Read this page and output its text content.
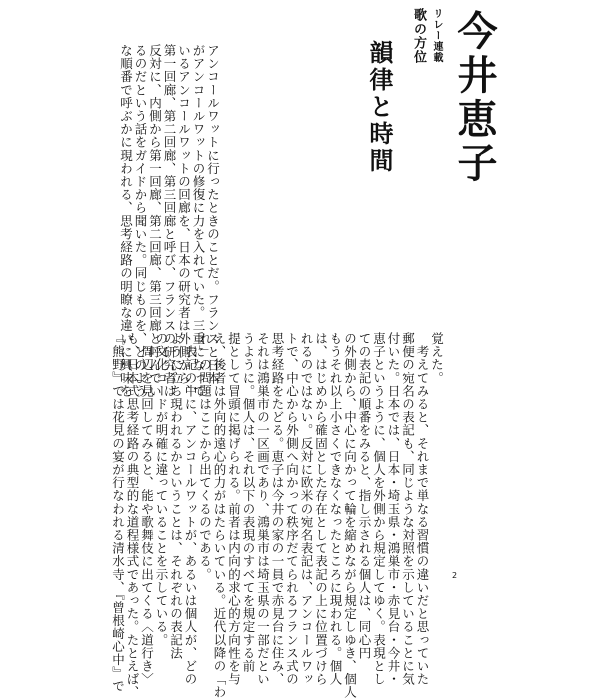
リレー連載
歌の方位 今井恵子
韻律と時間
アンコールワットに行ったときのことだ。フランスと日本
がアンコールワットの修復に力を入れていた。三重になって
いるアンコールワットの回廊を、日本の研究者は外側から、
第一回廊、第二回廊、第三回廊と呼び、フランスの研究者は
反対に、内側から第一回廊、第二回廊、第三回廊と呼んでい
るのだという話をガイドから聞いた。同じものを、どのよう
な順番で呼ぶかに現われる、思考経路の明瞭な違いに興味を	覚えた。
　考えてみると、それまで単なる習慣の違いだと思っていた
郵便の宛名の表記も、同じような対照を示していることに気
付いた。日本では、日本・埼玉県・鴻巣市・赤見台・今井・
恵子というように、個人を外側から規定してゆく。表現とし
ての表記の順番をみると、指し示される個人は、同心円
の外側から、中心に向かって輪を縮めながら規定しゆき、個人
もうそれ以上小さくできなくなったところに現われる。個人
は、はじめから確固とした存在として表記の上に位置づけら
れるのではない。反対に欧米の宛名表記は、アンコールワッ
トで、中心から外側へ向かって秩序だてられるフランス式の
思考経路をたどる。恵子は今井の家の一員で赤見台に住み、
それは鴻巣市の一区画であり、鴻巣市は埼玉県の一部だとい
うように。個人は、それ以下の表現のすべてを規定する前
提として冒頭に掲げられる。前者は内向的求心的方向性を与
え、後者は外向的遠心的力がはたらいている。近代以降の「わ
れ」の問題はここから出てくるのである。
　表記の中に、アンコールワットが、あるいは個人が、どの
ように立ち現われるかということは、それぞれの表記法
の文化コードが明確に違っていることを示している。
　周辺を見回してみると、能や歌舞伎に出てくる〈道行き〉
も、日本式思考経路の典型的な道程様式であった。たとえば、
『熊野』では花見の宴が行なわれる清水寺、『曾根崎心中』で	2
